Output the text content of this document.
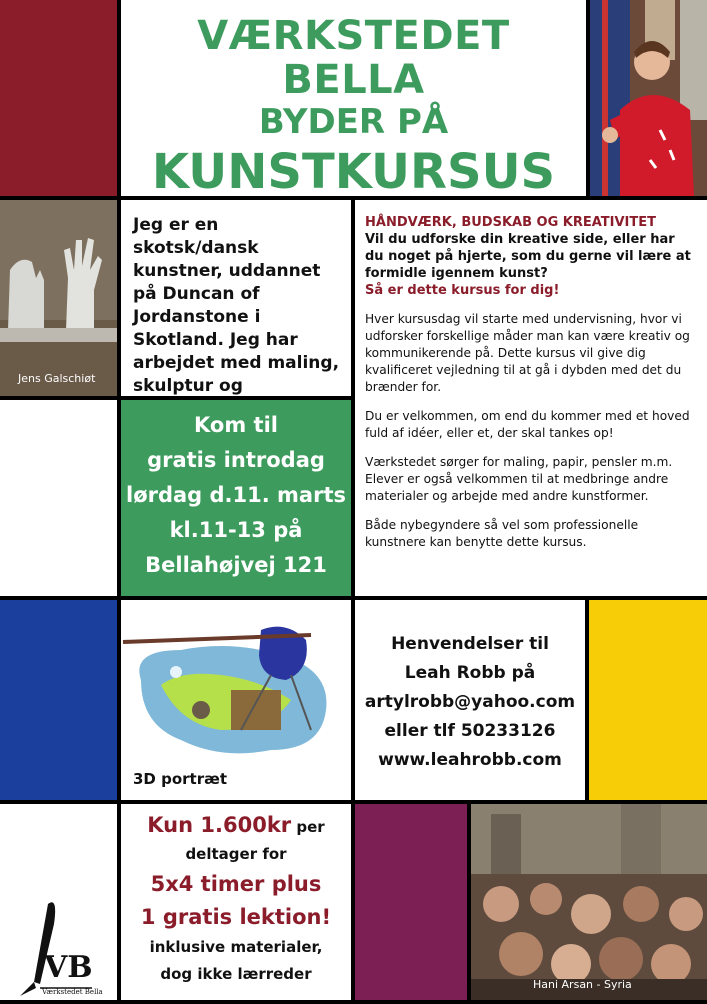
VÆRKSTEDET BELLA
BYDER PÅ
KUNSTKURSUS
Jens Galschiøt
Jeg er en skotsk/dansk kunstner, uddannet på Duncan of Jordanstone i Skotland. Jeg har arbejdet med maling, skulptur og
HÅNDVÆRK, BUDSKAB OG KREATIVITET
Vil du udforske din kreative side, eller har du noget på hjerte, som du gerne vil lære at formidle igennem kunst?
Så er dette kursus for dig!
Hver kursusdag vil starte med undervisning, hvor vi udforsker forskellige måder man kan være kreativ og kommunikerende på. Dette kursus vil give dig kvalificeret vejledning til at gå i dybden med det du brænder for.
Du er velkommen, om end du kommer med et hoved fuld af idéer, eller et, der skal tankes op!
Værkstedet sørger for maling, papir, pensler m.m. Elever er også velkommen til at medbringe andre materialer og arbejde med andre kunstformer.
Både nybegyndere så vel som professionelle kunstnere kan benytte dette kursus.
Kom til
gratis introdag
lørdag d.11. marts
kl.11-13 på
Bellahøjvej 121
3D portræt
Henvendelser til
Leah Robb på
artylrobb@yahoo.com
eller tlf 50233126
www.leahrobb.com
VB
Værkstedet Bella
Kun 1.600kr per
deltager for
5x4 timer plus
1 gratis lektion!
inklusive materialer,
dog ikke lærreder
Hani Arsan - Syria
